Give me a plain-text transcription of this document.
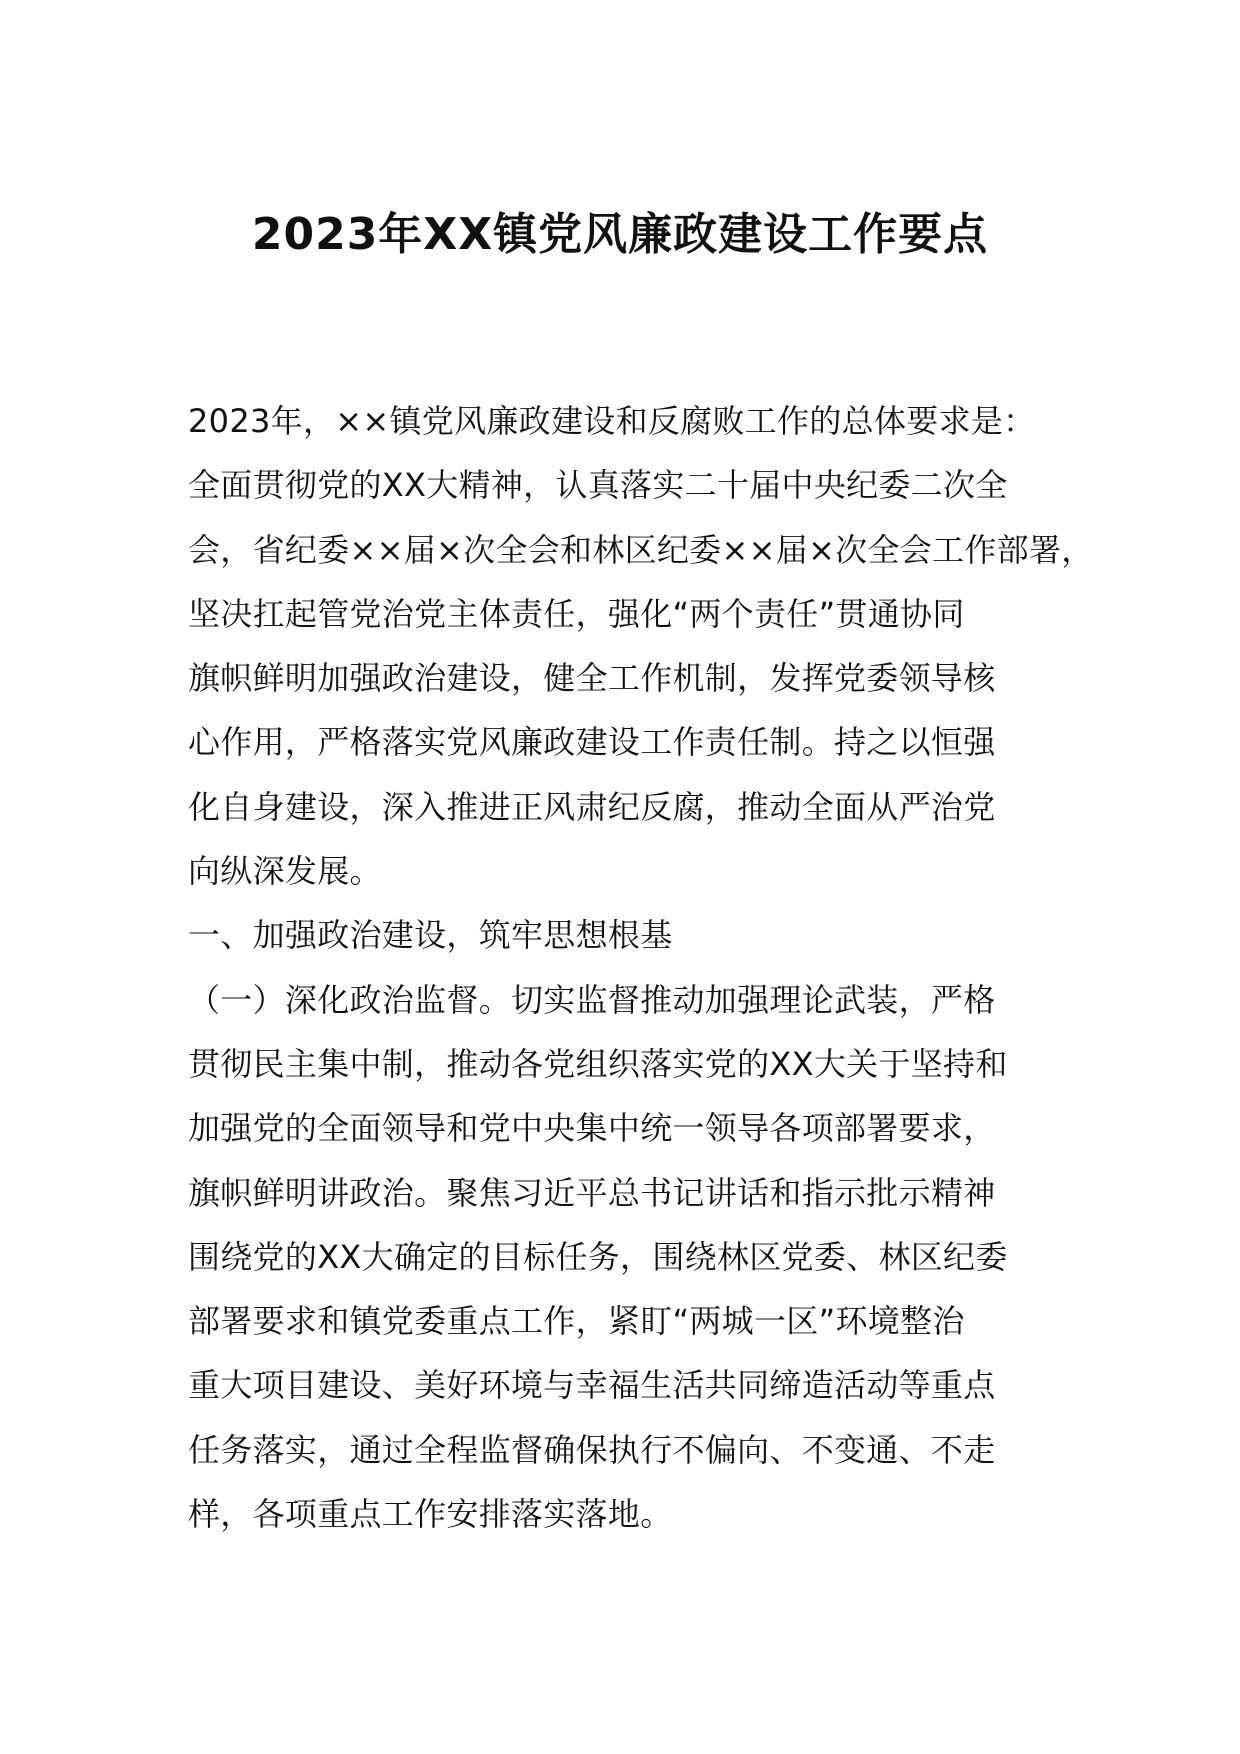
2023年XX镇党风廉政建设工作要点
2023年，××镇党风廉政建设和反腐败工作的总体要求是：
全面贯彻党的XX大精神，认真落实二十届中央纪委二次全
会，省纪委××届×次全会和林区纪委××届×次全会工作部署，
坚决扛起管党治党主体责任，强化“两个责任”贯通协同
旗帜鲜明加强政治建设，健全工作机制，发挥党委领导核
心作用，严格落实党风廉政建设工作责任制。持之以恒强
化自身建设，深入推进正风肃纪反腐，推动全面从严治党
向纵深发展。
一、加强政治建设，筑牢思想根基
（一）深化政治监督。切实监督推动加强理论武装，严格
贯彻民主集中制，推动各党组织落实党的XX大关于坚持和
加强党的全面领导和党中央集中统一领导各项部署要求，
旗帜鲜明讲政治。聚焦习近平总书记讲话和指示批示精神
围绕党的XX大确定的目标任务，围绕林区党委、林区纪委
部署要求和镇党委重点工作，紧盯“两城一区”环境整治
重大项目建设、美好环境与幸福生活共同缔造活动等重点
任务落实，通过全程监督确保执行不偏向、不变通、不走
样，各项重点工作安排落实落地。
